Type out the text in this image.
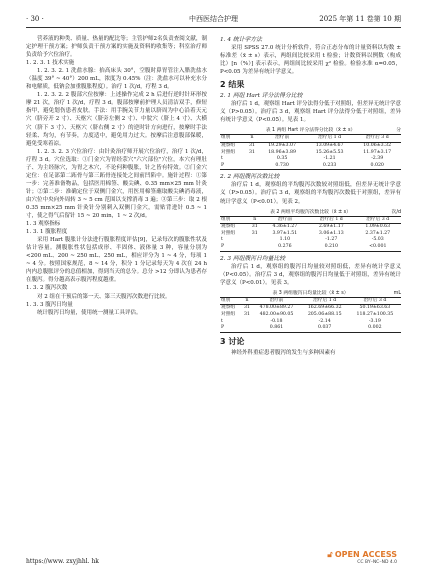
· 30 ·	中西医结合护理	2025 年第 11 卷第 10 期

营养液的种类、质量、热量的配比等；主管护师2名负责查阅文献，制定护理干预方案；护师负责干预方案的实施及资料的收集等；科室治疗师负责给予穴位治疗。

1. 2. 3. 1 技术实施

1. 2. 3. 2. 1 洗盐水腺：抬高床头 30°，空腹时鼻胃管注入腊洗盐水（温度 39° ~ 40°）200 mL，浓度为 0.45%（注：洗盐水可以补充水分和电解质，低钠会加重腹胀程度）。治疗 1 次/d，疗程 3 d。

1. 2. 3. 2. 2 腹部穴位按摩：上述操作完成 2 h 后进行逆时针环形按摩 21 次，治疗 1 次/d，疗程 3 d。腹部按摩前护理人员清洁双手，修短指甲，避免划伤患者皮肤。手法：用手腕关节力量以脐周为中心沿着天元穴（脐旁开 2 寸）、天枢穴（脐旁左侧 2 寸）、中脘穴（脐上 4 寸）、大横穴（脐下 3 寸）、天枢穴（脐右侧 2 寸）的逆时针方向进行，按摩时手法轻柔、均匀，有节奏，力度适中，避免用力过大。按摩后注意腹部保暖，避免受寒着凉。

1. 2. 3. 2. 3 穴位治疗：由针灸治疗师开展穴位治疗，治疗 1 次/d，疗程 3 d。穴位选取：①门金穴为胃经荥穴"六穴部位"穴位，本穴有理肚子、为主经脉穴，为胃之木穴，不论何种腹胀，针之皆有特效。②门金穴定位：在足部第二跖骨与第三跖骨连接处之间前凹陷中。施针过程：①第一步：完善准备物品，包括医用棉签、酸尖碘、0.35 mm×25 mm 针灸针；②第二步：准确定位于双侧门金穴，用医用棉签蘸取酸尖碘消毒液，由穴位中央向外周转 3 ~ 5 cm 范围以支撑消毒 3 遍；③第三步：取 2 根 0.35 mm×25 mm 针灸针分别刺入双侧门金穴，需贴背进针 0.5 ~ 1 寸，使之得气后留针 15 ~ 20 min，1 ~ 2 次/d。

1. 3 观察指标
1. 3. 1 腹胀程度

采用 Hart 腹胀计分法进行腹胀程度评估[9]，记录每次的腹胀性状及估计容量。测腹胀性状包括成形、半固体、液体量 3 种，容量分别为 <200 mL、200 ~ 250 mL、250 mL，相应评分为 1 ~ 4 分，每项 1 ~ 4 分。按照国家规范，8 ~ 14 分，积分 1 分记录每天为 4 次在 24 h 内内总腹胀评分的总值相加，得到当天的总分。总分 >12 分即认为患者存在腹泻。得分越高表示腹泻程度越重。

1. 3. 2 腹泻次数

对 2 组在干预后的第一天、第三天腹泻次数进行比较。

1. 3. 3 腹泻日均量

统计腹泻日均量，使用统一测量工具评估。

1. 4 统计学方法

采用 SPSS 27.0 统计分析软件，符合正态分布的计量资料以均数 ± 标准差（x̄ ± s）表示，两组间比较采用 t 检验；计数资料以例数（构成比）[n（%）] 表示表示，两组间比较采用 χ² 检验。检验水准 α=0.05，P<0.05 为差异有统计学意义。

2 结果
2. 1 两组 Hart 评分法得分比较

治疗后 1 d，观察组 Hart 评分法得分低于对照组，但差异无统计学意义（P>0.05）。治疗后 3 d，观察组 Hart 评分法得分低于对照组，差异有统计学意义（P<0.05）。见表 1。

表 1 两组 Hart 评分法得分比较（x̄ ± s）	分
组别	n	治疗前	治疗后 1 d	治疗后 3 d
观察组	31	19.29±3.07	13.09±4.67	10.06±3.32
对照组	31	18.96±3.89	15.26±5.53	11.97±3.17
t		0.35	-1.21	-2.39
P		0.730	0.233	0.020
2. 2 两组腹泻次数比较

治疗后 1 d，观察组的平均腹泻次数较对照组低，但差异无统计学意义（P>0.05）。治疗后 3 d，观察组的平均腹泻次数低于对照组，差异有统计学意义（P<0.01）。见表 2。

表 2 两组平均腹泻次数比较（x̄ ± s）	次/d
组别	n	治疗前	治疗后 1 d	治疗后 3 d
观察组	31	4.36±1.27	2.69±1.17	1.09±0.63
对照组	31	3.97±1.51	3.06±1.13	2.37±1.27
t		1.10	-1.27	-5.03
P		0.276	0.210	<0.001
2. 3 两组腹泻日均量比较

治疗后 1 d，观察组的腹泻日均量较对照组低，差异有统计学意义（P<0.05）。治疗后 3 d，观察组的腹泻日均量低于对照组，差异有统计学意义（P<0.01）。见表 3。

表 3 两组腹泻日均量比较（x̄ ± s）	mL
组别	n	治疗前	治疗后 1 d	治疗后 3 d
观察组	31	478.00±89.27	162.69±66.32	50.19±63.63
对照组	31	482.00±90.05	205.06±88.15	118.27±100.35
t		-0.18	-2.14	-3.19
P		0.861	0.037	0.002
3 讨论

神经外科重症患者腹泻的发生与多种因素有

https://www. zxyjhhl. hk
🔓︎ OPEN ACCESS
CC BY–NC–ND 4.0
